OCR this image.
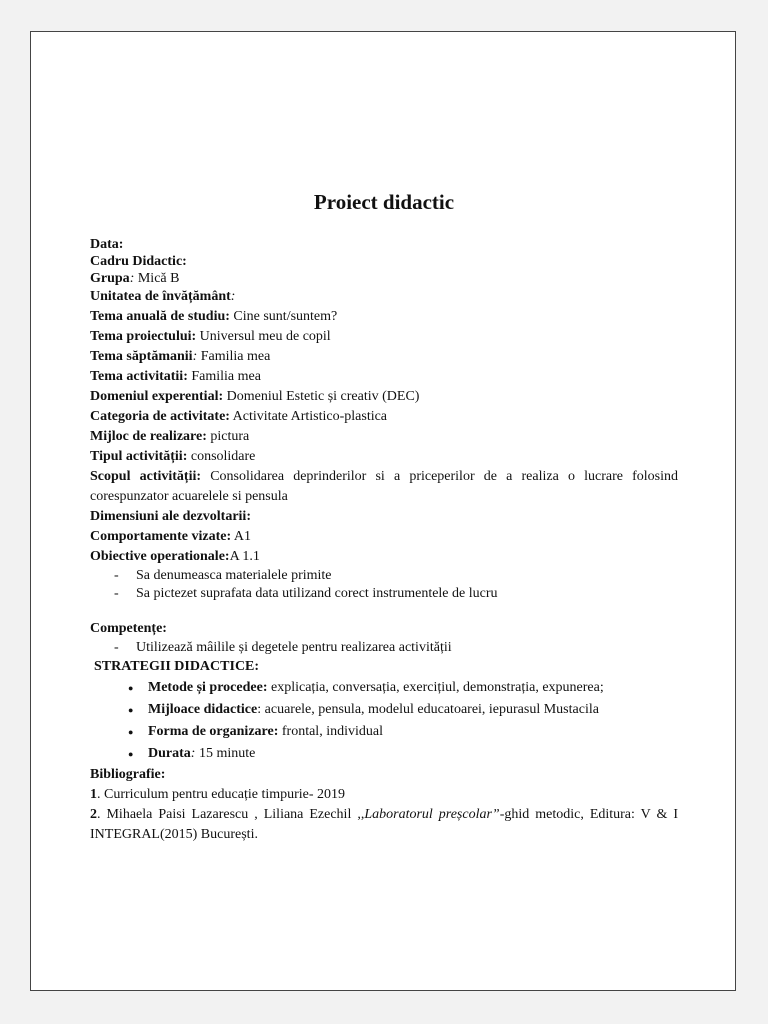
Proiect didactic
Data:
Cadru Didactic:
Grupa: Mică B
Unitatea de învățământ:
Tema anuală de studiu: Cine sunt/suntem?
Tema proiectului: Universul meu de copil
Tema săptămanii: Familia mea
Tema activitatii: Familia mea
Domeniul experential: Domeniul Estetic și creativ (DEC)
Categoria de activitate: Activitate Artistico-plastica
Mijloc de realizare: pictura
Tipul activității: consolidare
Scopul activității: Consolidarea deprinderilor si a priceperilor de a realiza o lucrare folosind corespunzator acuarelele si pensula
Dimensiuni ale dezvoltarii:
Comportamente vizate: A1
Obiective operationale:A 1.1
- Sa denumeasca materialele primite
- Sa pictezet suprafata data utilizand corect instrumentele de lucru
Competențe:
- Utilizează mâilile și degetele pentru realizarea activității
STRATEGII DIDACTICE:
● Metode și procedee: explicația, conversația, exercițiul, demonstrația, expunerea;
● Mijloace didactice: acuarele, pensula, modelul educatoarei, iepurasul Mustacila
● Forma de organizare: frontal, individual
● Durata: 15 minute
Bibliografie:
1. Curriculum pentru educație timpurie- 2019
2. Mihaela Paisi Lazarescu , Liliana Ezechil ,,Laboratorul preșcolar”-ghid metodic, Editura: V & I INTEGRAL(2015) București.
